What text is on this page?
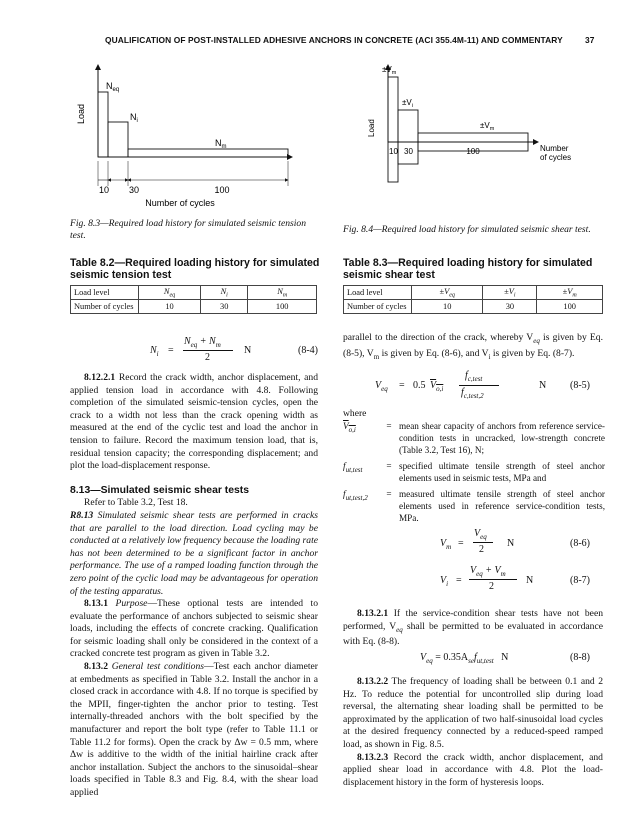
QUALIFICATION OF POST-INSTALLED ADHESIVE ANCHORS IN CONCRETE (ACI 355.4M-11) AND COMMENTARY	37
Load
$N_{eq}$
$N_i$
$N_m$
10 30	100
Number of cycles
Fig. 8.3—Required load history for simulated seismic tension test.
Load
$\pm V_m$
$\pm V_i$
$\pm V_m$
10 30	100	Number
of cycles
Fig. 8.4—Required load history for simulated seismic shear test.
Table 8.2—Required loading history for simulated
seismic tension test
Load level	$N_{eq}$	$N_i$	$N_m$
Number of cycles	10	30	100
Table 8.3—Required loading history for simulated
seismic shear test
Load level	$\pm V_{eq}$	$\pm V_i$	$\pm V_m$
Number of cycles	10	30	100
$N_i$ =
$N_{eq} + N_m$
2
N	(8-4)

8.12.2.1 Record the crack width, anchor displacement, and applied tension load in accordance with 4.8. Following completion of the simulated seismic-tension cycles, open the crack to a width not less than the crack opening width as measured at the end of the cyclic test and load the anchor in tension to failure. Record the maximum tension load, that is, residual tension capacity; the corresponding displacement; and plot the load-displacement response.

8.13—Simulated seismic shear tests

Refer to Table 3.2, Test 18.

R8.13 Simulated seismic shear tests are performed in cracks that are parallel to the load direction. Load cycling may be conducted at a relatively low frequency because the loading rate has not been determined to be a significant factor in anchor performance. The use of a ramped loading function through the zero point of the cyclic load may be advantageous for operation of the testing apparatus.

8.13.1 Purpose—These optional tests are intended to evaluate the performance of anchors subjected to seismic shear loads, including the effects of concrete cracking. Qualification for seismic loading shall only be considered in the context of a cracked concrete test program as given in Table 3.2.

8.13.2 General test conditions—Test each anchor diameter at embedments as specified in Table 3.2. Install the anchor in a closed crack in accordance with 4.8. If no torque is specified by the MPII, finger-tighten the anchor prior to testing. Test internally-threaded anchors with the bolt specified by the manufacturer and report the bolt type (refer to Table 11.1 or Table 11.2 for forms). Open the crack by Δw = 0.5 mm, where Δw is additive to the width of the initial hairline crack after anchor installation. Subject the anchors to the sinusoidal–shear loads specified in Table 8.3 and Fig. 8.4, with the shear load applied

parallel to the direction of the crack, whereby $V_{eq}$ is given by Eq. (8-5), $V_m$ is given by Eq. (8-6), and $V_i$ is given by Eq. (8-7).

$V_{eq} = 0.5$ $V_{o,i}$
$f_{c,test}$
$f_{c,test,2}$
N (8-5)
where
$V_{o,i}$	=	mean shear capacity of anchors from reference service-condition tests in uncracked, low-strength concrete (Table 3.2, Test 16), N;
$f_{ut,test}$	=	specified ultimate tensile strength of steel anchor elements used in seismic tests, MPa and
$f_{ut,test,2}$	=	measured ultimate tensile strength of steel anchor elements used in reference service-condition tests, MPa.
$V_m$ =
$V_{eq}$
2
N	(8-6)
$V_i$ =
$V_{eq} + V_m$
2
N	(8-7)

8.13.2.1 If the service-condition shear tests have not been performed, $V_{eq}$ shall be permitted to be evaluated in accordance with Eq. (8-8).

$V_{eq} = 0.35A_{se}f_{ut,test}$ N	(8-8)

8.13.2.2 The frequency of loading shall be between 0.1 and 2 Hz. To reduce the potential for uncontrolled slip during load reversal, the alternating shear loading shall be permitted to be approximated by the application of two half-sinusoidal load cycles at the desired frequency connected by a reduced-speed ramped load, as shown in Fig. 8.5.

8.13.2.3 Record the crack width, anchor displacement, and applied shear load in accordance with 4.8. Plot the load-displacement history in the form of hysteresis loops.
